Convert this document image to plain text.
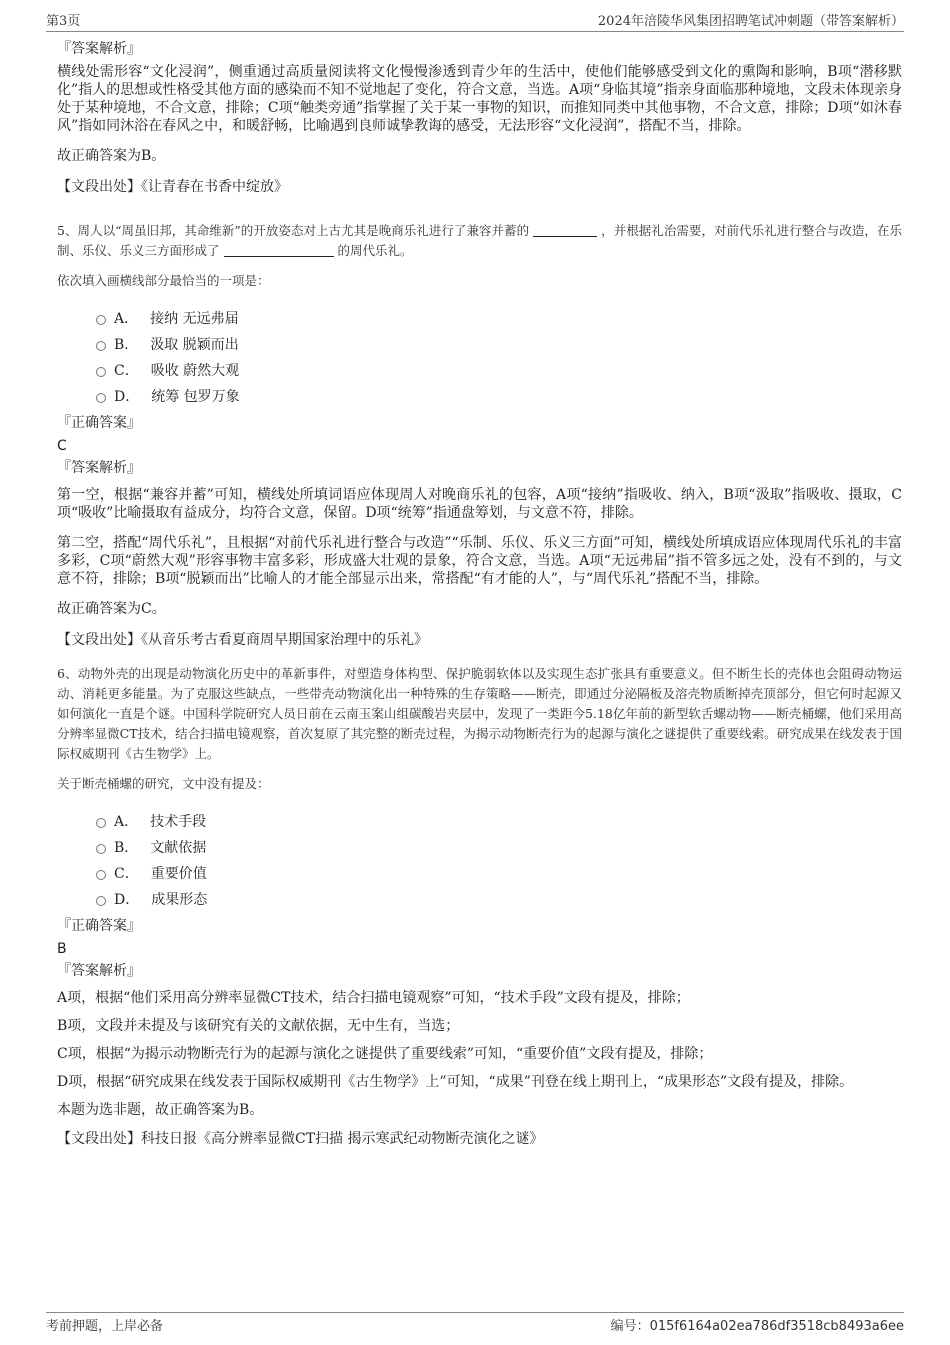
第3页	2024年涪陵华风集团招聘笔试冲刺题（带答案解析）
『答案解析』

横线处需形容“文化浸润”，侧重通过高质量阅读将文化慢慢渗透到青少年的生活中，使他们能够感受到文化的熏陶和影响，B项“潜移默化”指人的思想或性格受其他方面的感染而不知不觉地起了变化，符合文意，当选。A项“身临其境”指亲身面临那种境地，文段未体现亲身处于某种境地，不合文意，排除；C项“触类旁通”指掌握了关于某一事物的知识，而推知同类中其他事物，不合文意，排除；D项“如沐春风”指如同沐浴在春风之中，和暖舒畅，比喻遇到良师诚挚教诲的感受，无法形容“文化浸润”，搭配不当，排除。

故正确答案为B。

【文段出处】《让青春在书香中绽放》

5、周人以“周虽旧邦，其命维新”的开放姿态对上古尤其是晚商乐礼进行了兼容并蓄的	，并根据礼治需要，对前代乐礼进行整合与改造，在乐制、乐仪、乐义三方面形成了	的周代乐礼。

依次填入画横线部分最恰当的一项是：

A． 接纳 无远弗届
B． 汲取 脱颖而出
C． 吸收 蔚然大观
D． 统筹 包罗万象
『正确答案』
C
『答案解析』

第一空，根据“兼容并蓄”可知，横线处所填词语应体现周人对晚商乐礼的包容，A项“接纳”指吸收、纳入，B项“汲取”指吸收、摄取，C项“吸收”比喻摄取有益成分，均符合文意，保留。D项“统筹”指通盘筹划，与文意不符，排除。

第二空，搭配“周代乐礼”，且根据“对前代乐礼进行整合与改造”“乐制、乐仪、乐义三方面”可知，横线处所填成语应体现周代乐礼的丰富多彩，C项“蔚然大观”形容事物丰富多彩，形成盛大壮观的景象，符合文意，当选。A项“无远弗届”指不管多远之处，没有不到的，与文意不符，排除；B项“脱颖而出”比喻人的才能全部显示出来，常搭配“有才能的人”，与“周代乐礼”搭配不当，排除。

故正确答案为C。

【文段出处】《从音乐考古看夏商周早期国家治理中的乐礼》

6、动物外壳的出现是动物演化历史中的革新事件，对塑造身体构型、保护脆弱软体以及实现生态扩张具有重要意义。但不断生长的壳体也会阻碍动物运动、消耗更多能量。为了克服这些缺点，一些带壳动物演化出一种特殊的生存策略——断壳，即通过分泌隔板及溶壳物质断掉壳顶部分，但它何时起源又如何演化一直是个谜。中国科学院研究人员日前在云南玉案山组碳酸岩夹层中，发现了一类距今5.18亿年前的新型软舌螺动物——断壳桶螺，他们采用高分辨率显微CT技术，结合扫描电镜观察，首次复原了其完整的断壳过程，为揭示动物断壳行为的起源与演化之谜提供了重要线索。研究成果在线发表于国际权威期刊《古生物学》上。

关于断壳桶螺的研究，文中没有提及：

A． 技术手段
B． 文献依据
C． 重要价值
D． 成果形态
『正确答案』
B
『答案解析』

A项，根据“他们采用高分辨率显微CT技术，结合扫描电镜观察”可知，“技术手段”文段有提及，排除；

B项，文段并未提及与该研究有关的文献依据，无中生有，当选；

C项，根据“为揭示动物断壳行为的起源与演化之谜提供了重要线索”可知，“重要价值”文段有提及，排除；

D项，根据“研究成果在线发表于国际权威期刊《古生物学》上”可知，“成果”刊登在线上期刊上，“成果形态”文段有提及，排除。

本题为选非题，故正确答案为B。

【文段出处】科技日报《高分辨率显微CT扫描 揭示寒武纪动物断壳演化之谜》

考前押题，上岸必备	编号：015f6164a02ea786df3518cb8493a6ee
